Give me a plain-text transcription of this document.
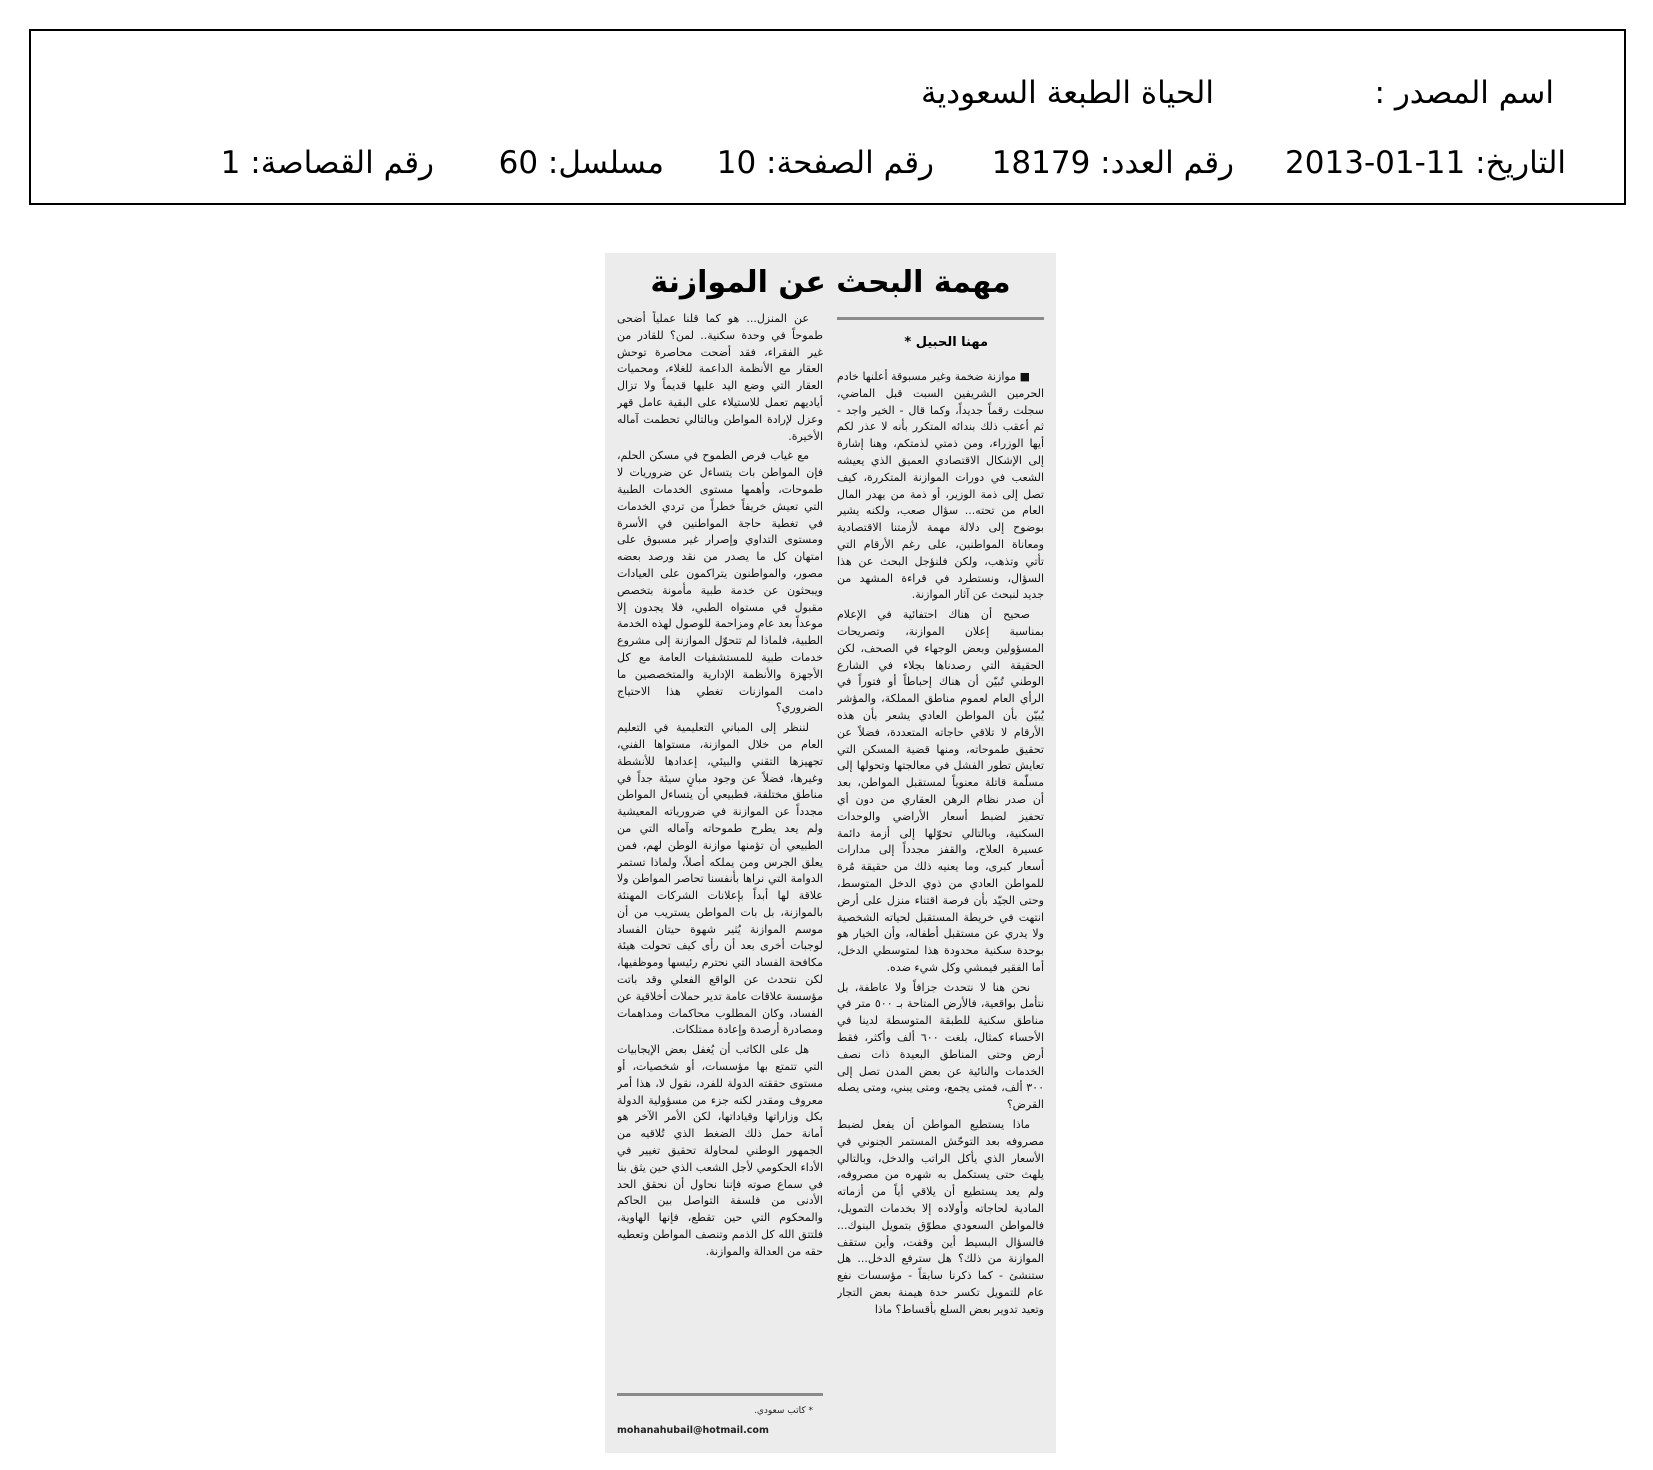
اسم المصدر :
الحياة الطبعة السعودية
التاريخ: 11-01-2013
رقم العدد: 18179
رقم الصفحة: 10
مسلسل: 60
رقم القصاصة: 1
مهمة البحث عن الموازنة
مهنا الحبيل *

■ موازنة ضخمة وغير مسبوقة أعلنها خادم الحرمين الشريفين السبت قبل الماضي، سجلت رقماً جديداً، وكما قال - الخير واجد - ثم أعقب ذلك بندائه المتكرر بأنه لا عذر لكم أيها الوزراء، ومن ذمتي لذمتكم، وهنا إشارة إلى الإشكال الاقتصادي العميق الذي يعيشه الشعب في دورات الموازنة المتكررة، كيف تصل إلى ذمة الوزير، أو ذمة من يهدر المال العام من تحته... سؤال صعب، ولكنه يشير بوضوح إلى دلالة مهمة لأزمتنا الاقتصادية ومعاناة المواطنين، على رغم الأرقام التي تأتي وتذهب، ولكن فلنؤجل البحث عن هذا السؤال، ونستطرد في قراءة المشهد من جديد لنبحث عن آثار الموازنة.

صحيح أن هناك احتفائية في الإعلام بمناسبة إعلان الموازنة، وتصريحات المسؤولين وبعض الوجهاء في الصحف، لكن الحقيقة التي رصدناها بجلاء في الشارع الوطني تُبيّن أن هناك إحباطاً أو فتوراً في الرأي العام لعموم مناطق المملكة، والمؤشر يُبيّن بأن المواطن العادي يشعر بأن هذه الأرقام لا تلاقي حاجاته المتعددة، فضلاً عن تحقيق طموحاته، ومنها قضية المسكن التي تعايش تطور الفشل في معالجتها وتحولها إلى مسلّمة قاتلة معنوياً لمستقبل المواطن، بعد أن صدر نظام الرهن العقاري من دون أي تحفيز لضبط أسعار الأراضي والوحدات السكنية، وبالتالي تحوّلها إلى أزمة دائمة عسيرة العلاج، والقفز مجدداً إلى مدارات أسعار كبرى، وما يعنيه ذلك من حقيقة مُرة للمواطن العادي من ذوي الدخل المتوسط، وحتى الجيّد بأن فرصة اقتناء منزل على أرض انتهت في خريطة المستقبل لحياته الشخصية ولا يدري عن مستقبل أطفاله، وأن الخيار هو بوحدة سكنية محدودة هذا لمتوسطي الدخل، أما الفقير فيمشي وكل شيء ضده.

نحن هنا لا نتحدث جزافاً ولا عاطفة، بل نتأمل بواقعية، فالأرض المتاحة بـ ٥٠٠ متر في مناطق سكنية للطبقة المتوسطة لدينا في الأحساء كمثال، بلغت ٦٠٠ ألف وأكثر، فقط أرض وحتى المناطق البعيدة ذات نصف الخدمات والنائية عن بعض المدن تصل إلى ٣٠٠ ألف، فمتى يجمع، ومتى يبني، ومتى يصله القرض؟

ماذا يستطيع المواطن أن يفعل لضبط مصروفه بعد التوحّش المستمر الجنوني في الأسعار الذي يأكل الراتب والدخل، وبالتالي يلهث حتى يستكمل به شهره من مصروفه، ولم يعد يستطيع أن يلاقي أياً من أزماته المادية لحاجاته وأولاده إلا بخدمات التمويل، فالمواطن السعودي مطوّق بتمويل البنوك... فالسؤال البسيط أين وقفت، وأين ستقف الموازنة من ذلك؟ هل سترفع الدخل... هل ستنشئ - كما ذكرنا سابقاً - مؤسسات نفع عام للتمويل تكسر حدة هيمنة بعض التجار وتعيد تدوير بعض السلع بأقساط؟ ماذا

عن المنزل... هو كما قلنا عملياً أضحى طموحاً في وحدة سكنية.. لمن؟ للقادر من غير الفقراء، فقد أضحت محاصرة توحش العقار مع الأنظمة الداعمة للغلاء، ومحميات العقار التي وضع اليد عليها قديماً ولا تزال أياديهم تعمل للاستيلاء على البقية عامل قهر وعزل لإرادة المواطن وبالتالي تحطمت آماله الأخيرة.

مع غياب فرص الطموح في مسكن الحلم، فإن المواطن بات يتساءل عن ضروريات لا طموحات، وأهمها مستوى الخدمات الطبية التي تعيش خريفاً خطراً من تردي الخدمات في تغطية حاجة المواطنين في الأسرة ومستوى التداوي وإصرار غير مسبوق على امتهان كل ما يصدر من نقد ورصد بعضه مصور، والمواطنون يتراكمون على العيادات ويبحثون عن خدمة طبية مأمونة بتخصص مقبول في مستواه الطبي، فلا يجدون إلا موعداً بعد عام ومزاحمة للوصول لهذه الخدمة الطبية، فلماذا لم تتحوّل الموازنة إلى مشروع خدمات طبية للمستشفيات العامة مع كل الأجهزة والأنظمة الإدارية والمتخصصين ما دامت الموازنات تغطي هذا الاحتياج الضروري؟

لننظر إلى المباني التعليمية في التعليم العام من خلال الموازنة، مستواها الفني، تجهيزها التقني والبيئي، إعدادها للأنشطة وغيرها، فضلاً عن وجود مبانٍ سيئة جداً في مناطق مختلفة، فطبيعي أن يتساءل المواطن مجدداً عن الموازنة في ضرورياته المعيشية ولم يعد يطرح طموحاته وآماله التي من الطبيعي أن تؤمنها موازنة الوطن لهم، فمن يعلق الجرس ومن يملكه أصلاً، ولماذا تستمر الدوامة التي نراها بأنفسنا تحاصر المواطن ولا علاقة لها أبداً بإعلانات الشركات المهنئة بالموازنة، بل بات المواطن يستريب من أن موسم الموازنة يُثير شهوة حيتان الفساد لوجبات أخرى بعد أن رأى كيف تحولت هيئة مكافحة الفساد التي نحترم رئيسها وموظفيها، لكن نتحدث عن الواقع الفعلي وقد باتت مؤسسة علاقات عامة تدير حملات أخلاقية عن الفساد، وكان المطلوب محاكمات ومداهمات ومصادرة أرصدة وإعادة ممتلكات.

هل على الكاتب أن يُغفل بعض الإيجابيات التي تتمتع بها مؤسسات، أو شخصيات، أو مستوى حققته الدولة للفرد، نقول لا، هذا أمر معروف ومقدر لكنه جزء من مسؤولية الدولة بكل وزاراتها وقياداتها، لكن الأمر الآخر هو أمانة حمل ذلك الضغط الذي تُلاقيه من الجمهور الوطني لمحاولة تحقيق تغيير في الأداء الحكومي لأجل الشعب الذي حين يثق بنا في سماع صوته فإننا نحاول أن نحقق الحد الأدنى من فلسفة التواصل بين الحاكم والمحكوم التي حين تقطع، فإنها الهاوية، فلتتق الله كل الذمم وتنصف المواطن وتعطيه حقه من العدالة والموازنة.

* كاتب سعودي.
mohanahubail@hotmail.com
